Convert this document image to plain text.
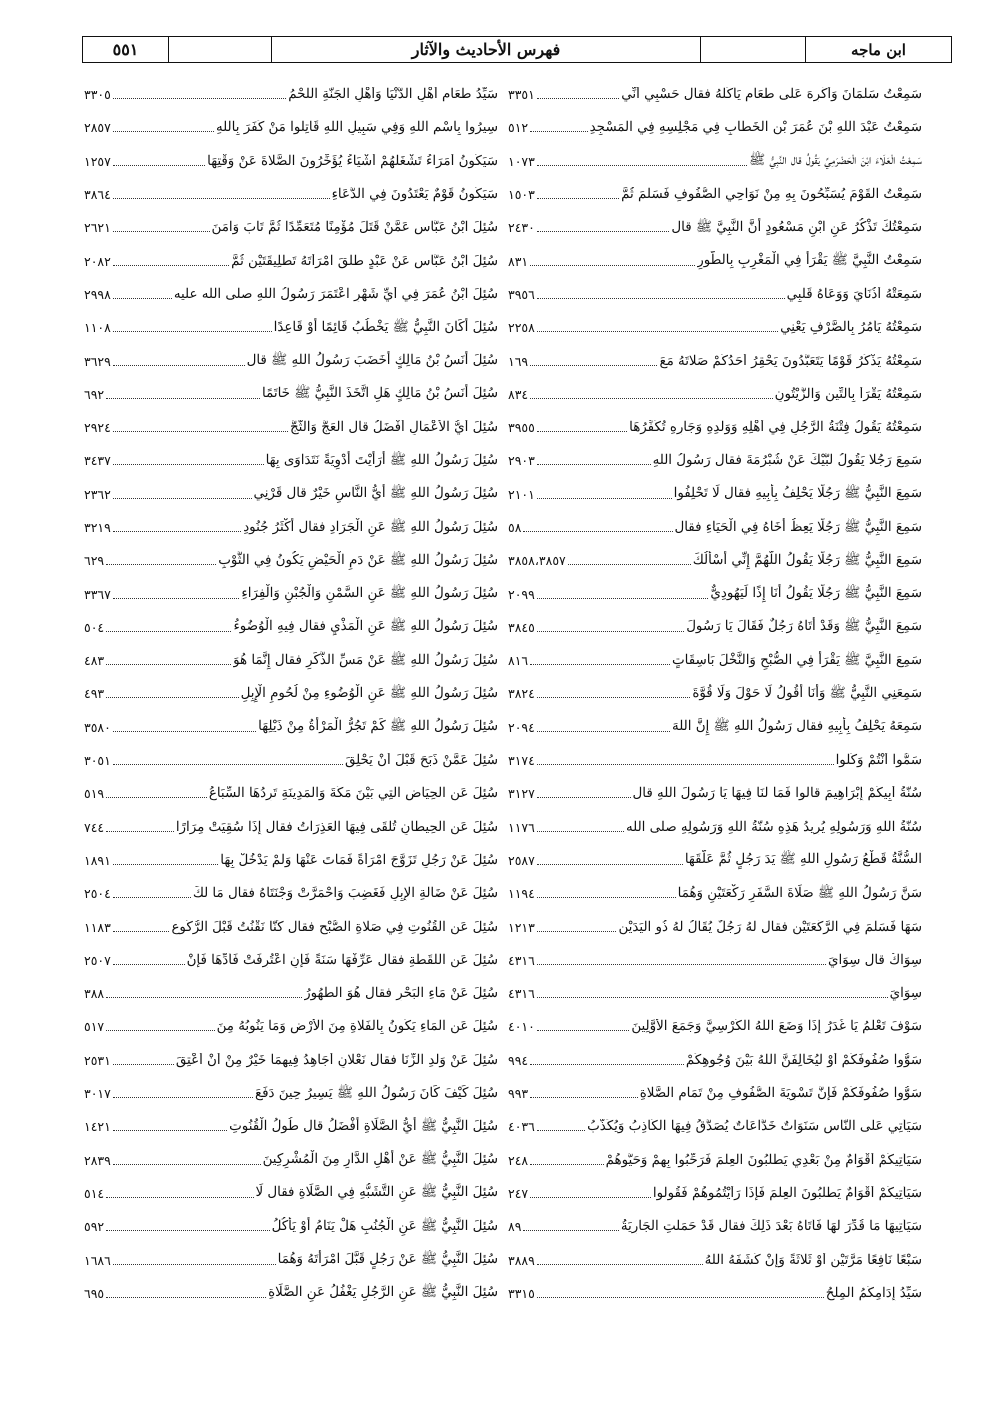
ابن ماجه
فهرس الأحاديث والآثار
٥٥١
سَمِعْتُ سَلْمَانَ وَأُكْرِهَ عَلَى طَعَامٍ يَأْكُلُهُ فقال حَسْبِي أَنِّي
٣٣٥١
سَمِعْتُ عَبْدَ اللهِ بْنَ عُمَرَ بْنِ الْخَطَّابِ فِي مَجْلِسِهِ فِي الْمَسْجِدِ
٥١٢
سَمِعْتُ الْعَلَاءَ ابْنَ الْحَضْرَمِيِّ يَقُولُ قال النَّبِيُّ ﷺ
١٠٧٣
سَمِعْتُ الْقَوْمَ يُسَبِّحُونَ بِهِ مِنْ نَوَاحِي الصُّفُوفِ فَسَلَّمَ ثُمَّ
١٥٠٣
سَمِعْتُكَ تَذْكُرُ عَنِ ابْنِ مَسْعُودٍ أَنَّ النَّبِيَّ ﷺ قال
٢٤٣٠
سَمِعْتُ النَّبِيَّ ﷺ يَقْرَأُ فِي الْمَغْرِبِ بِالطُّورِ
٨٣١
سَمِعَتْهُ أُذُنَايَ وَوَعَاهُ قَلْبِي
٣٩٥٦
سَمِعْتُهُ يَأْمُرُ بِالصَّرْفِ يَعْنِي
٢٢٥٨
سَمِعْتُهُ يَذْكُرُ قَوْمًا يَتَعَبَّدُونَ يَحْقِرُ أَحَدُكُمْ صَلَاتَهُ مَعَ
١٦٩
سَمِعْتُهُ يَقْرَأُ بِالتِّينِ وَالزَّيْتُونِ
٨٣٤
سَمِعْتُهُ يَقُولُ فِتْنَةُ الرَّجُلِ فِي أَهْلِهِ وَوَلَدِهِ وَجَارِهِ تُكَفِّرُهَا
٣٩٥٥
سَمِعَ رَجُلًا يَقُولُ لَبَّيْكَ عَنْ شُبْرُمَةَ فقال رَسُولُ اللهِ
٢٩٠٣
سَمِعَ النَّبِيُّ ﷺ رَجُلًا يَحْلِفُ بِأَبِيهِ فقال لَا تَحْلِفُوا
٢١٠١
سَمِعَ النَّبِيُّ ﷺ رَجُلًا يَعِظُ أَخَاهُ فِي الْحَيَاءِ فقال
٥٨
سَمِعَ النَّبِيُّ ﷺ رَجُلًا يَقُولُ اللَّهُمَّ إِنِّي أَسْأَلُكَ
٣٨٥٨،٣٨٥٧
سَمِعَ النَّبِيُّ ﷺ رَجُلًا يَقُولُ أَنَا إِذًا لَيَهُودِيٌّ
٢٠٩٩
سَمِعَ النَّبِيُّ ﷺ وَقَدْ أَتَاهُ رَجُلٌ فَقَالَ يَا رَسُولَ
٣٨٤٥
سَمِعَ النَّبِيَّ ﷺ يَقْرَأُ فِي الصُّبْحِ وَالنَّخْلَ بَاسِقَاتٍ
٨١٦
سَمِعَنِي النَّبِيُّ ﷺ وَأَنَا أَقُولُ لَا حَوْلَ وَلَا قُوَّةَ
٣٨٢٤
سَمِعَهُ يَحْلِفُ بِأَبِيهِ فقال رَسُولُ اللهِ ﷺ إِنَّ اللهَ
٢٠٩٤
سَمُّوا أَنْتُمْ وَكُلُوا
٣١٧٤
سُنَّةُ أَبِيكُمْ إِبْرَاهِيمَ قالوا فَمَا لَنَا فِيهَا يَا رَسُولَ اللهِ قال
٣١٢٧
سُنَّةُ اللهِ وَرَسُولِهِ يُرِيدُ هَذِهِ سُنَّةُ اللهِ وَرَسُولِهِ صلى الله
١١٧٦
السُّنَّةُ قَطْعُ رَسُولِ اللهِ ﷺ يَدَ رَجُلٍ ثُمَّ عَلَّقَهَا
٢٥٨٧
سَنَّ رَسُولُ اللهِ ﷺ صَلَاةَ السَّفَرِ رَكْعَتَيْنِ وَهُمَا
١١٩٤
سَهَا فَسَلَّمَ فِي الرَّكْعَتَيْنِ فقال لَهُ رَجُلٌ يُقَالُ لَهُ ذُو الْيَدَيْنِ
١٢١٣
سِوَاكٌ قال سِوَايَ
٤٣١٦
سِوَايَ
٤٣١٦
سَوْفَ تَعْلَمُ يَا غُدَرُ إِذَا وَضَعَ اللهُ الْكُرْسِيَّ وَجَمَعَ الْأَوَّلِينَ
٤٠١٠
سَوُّوا صُفُوفَكُمْ أَوْ لَيُخَالِفَنَّ اللهُ بَيْنَ وُجُوهِكُمْ
٩٩٤
سَوُّوا صُفُوفَكُمْ فَإِنَّ تَسْوِيَةَ الصُّفُوفِ مِنْ تَمَامِ الصَّلَاةِ
٩٩٣
سَيَأْتِي عَلَى النَّاسِ سَنَوَاتٌ خَدَّاعَاتٌ يُصَدَّقُ فِيهَا الْكَاذِبُ وَيُكَذَّبُ
٤٠٣٦
سَيَأْتِيكُمْ أَقْوَامٌ مِنْ بَعْدِي يَطْلُبُونَ الْعِلْمَ فَرَحِّبُوا بِهِمْ وَحَيُّوهُمْ
٢٤٨
سَيَأْتِيكُمْ أَقْوَامٌ يَطْلُبُونَ الْعِلْمَ فَإِذَا رَأَيْتُمُوهُمْ فَقُولُوا
٢٤٧
سَيَأْتِيهَا مَا قُدِّرَ لَهَا فَأَتَاهُ بَعْدَ ذَلِكَ فقال قَدْ حَمَلَتِ الْجَارِيَةُ
٨٩
سَبْعًا نَافِعًا مَرَّتَيْنِ أَوْ ثَلَاثَةً وَإِنْ كَشَفَهُ اللهُ
٣٨٨٩
سَيِّدُ إِدَامِكُمُ الْمِلْحُ
٣٣١٥
سَيِّدُ طَعَامِ أَهْلِ الدُّنْيَا وَأَهْلِ الْجَنَّةِ اللَّحْمُ
٣٣٠٥
سِيرُوا بِاسْمِ اللهِ وَفِي سَبِيلِ اللهِ قَاتِلُوا مَنْ كَفَرَ بِاللهِ
٢٨٥٧
سَيَكُونُ أُمَرَاءُ تَشْغَلُهُمْ أَشْيَاءُ يُؤَخِّرُونَ الصَّلَاةَ عَنْ وَقْتِهَا
١٢٥٧
سَيَكُونُ قَوْمٌ يَعْتَدُونَ فِي الدُّعَاءِ
٣٨٦٤
سُئِلَ ابْنُ عَبَّاسٍ عَمَّنْ قَتَلَ مُؤْمِنًا مُتَعَمِّدًا ثُمَّ تَابَ وَآمَنَ
٢٦٢١
سُئِلَ ابْنُ عَبَّاسٍ عَنْ عَبْدٍ طَلَّقَ امْرَأَتَهُ تَطْلِيقَتَيْنِ ثُمَّ
٢٠٨٢
سُئِلَ ابْنُ عُمَرَ فِي أَيِّ شَهْرٍ اعْتَمَرَ رَسُولُ اللهِ صلى الله عليه
٢٩٩٨
سُئِلَ أَكَانَ النَّبِيُّ ﷺ يَخْطُبُ قَائِمًا أَوْ قَاعِدًا
١١٠٨
سُئِلَ أَنَسُ بْنُ مَالِكٍ أَخَضَبَ رَسُولُ اللهِ ﷺ قال
٣٦٢٩
سُئِلَ أَنَسُ بْنُ مَالِكٍ هَلِ اتَّخَذَ النَّبِيُّ ﷺ خَاتَمًا
٦٩٢
سُئِلَ أَيُّ الْأَعْمَالِ أَفْضَلُ قال الْعَجُّ وَالثَّجُّ
٢٩٢٤
سُئِلَ رَسُولُ اللهِ ﷺ أَرَأَيْتَ أَدْوِيَةً نَتَدَاوَى بِهَا
٣٤٣٧
سُئِلَ رَسُولُ اللهِ ﷺ أَيُّ النَّاسِ خَيْرٌ قال قَرْنِي
٢٣٦٢
سُئِلَ رَسُولُ اللهِ ﷺ عَنِ الْجَرَادِ فقال أَكْثَرُ جُنُودِ
٣٢١٩
سُئِلَ رَسُولُ اللهِ ﷺ عَنْ دَمِ الْحَيْضِ يَكُونُ فِي الثَّوْبِ
٦٢٩
سُئِلَ رَسُولُ اللهِ ﷺ عَنِ السَّمْنِ وَالْجُبْنِ وَالْفِرَاءِ
٣٣٦٧
سُئِلَ رَسُولُ اللهِ ﷺ عَنِ الْمَذْيِ فقال فِيهِ الْوُضُوءُ
٥٠٤
سُئِلَ رَسُولُ اللهِ ﷺ عَنْ مَسِّ الذَّكَرِ فقال إِنَّمَا هُوَ
٤٨٣
سُئِلَ رَسُولُ اللهِ ﷺ عَنِ الْوُضُوءِ مِنْ لُحُومِ الْإِبِلِ
٤٩٣
سُئِلَ رَسُولُ اللهِ ﷺ كَمْ تَجُرُّ الْمَرْأَةُ مِنْ ذَيْلِهَا
٣٥٨٠
سُئِلَ عَمَّنْ ذَبَحَ قَبْلَ أَنْ يَحْلِقَ
٣٠٥١
سُئِلَ عَنِ الْحِيَاضِ الَّتِي بَيْنَ مَكَّةَ وَالْمَدِينَةِ تَرِدُهَا السِّبَاعُ
٥١٩
سُئِلَ عَنِ الْحِيطَانِ تُلْقَى فِيهَا الْعَذِرَاتُ فقال إِذَا سُقِيَتْ مِرَارًا
٧٤٤
سُئِلَ عَنْ رَجُلٍ تَزَوَّجَ امْرَأَةً فَمَاتَ عَنْهَا وَلَمْ يَدْخُلْ بِهَا
١٨٩١
سُئِلَ عَنْ ضَالَّةِ الْإِبِلِ فَغَضِبَ وَاحْمَرَّتْ وَجْنَتَاهُ فقال مَا لَكَ
٢٥٠٤
سُئِلَ عَنِ الْقُنُوتِ فِي صَلَاةِ الصُّبْحِ فقال كُنَّا نَقْنُتُ قَبْلَ الرُّكُوعِ
١١٨٣
سُئِلَ عَنِ اللُّقَطَةِ فقال عَرِّفْهَا سَنَةً فَإِنِ اعْتُرِفَتْ فَأَدِّهَا فَإِنْ
٢٥٠٧
سُئِلَ عَنْ مَاءِ الْبَحْرِ فقال هُوَ الطَّهُورُ
٣٨٨
سُئِلَ عَنِ الْمَاءِ يَكُونُ بِالْفَلَاةِ مِنَ الْأَرْضِ وَمَا يَنُوبُهُ مِنَ
٥١٧
سُئِلَ عَنْ وَلَدِ الزِّنَا فقال نَعْلَانِ أُجَاهِدُ فِيهِمَا خَيْرٌ مِنْ أَنْ أُعْتِقَ
٢٥٣١
سُئِلَ كَيْفَ كَانَ رَسُولُ اللهِ ﷺ يَسِيرُ حِينَ دَفَعَ
٣٠١٧
سُئِلَ النَّبِيُّ ﷺ أَيُّ الصَّلَاةِ أَفْضَلُ قال طُولُ الْقُنُوتِ
١٤٢١
سُئِلَ النَّبِيُّ ﷺ عَنْ أَهْلِ الدَّارِ مِنَ الْمُشْرِكِينَ
٢٨٣٩
سُئِلَ النَّبِيُّ ﷺ عَنِ التَّشَبُّهِ فِي الصَّلَاةِ فقال لَا
٥١٤
سُئِلَ النَّبِيُّ ﷺ عَنِ الْجُنُبِ هَلْ يَنَامُ أَوْ يَأْكُلُ
٥٩٢
سُئِلَ النَّبِيُّ ﷺ عَنْ رَجُلٍ قَبَّلَ امْرَأَتَهُ وَهُمَا
١٦٨٦
سُئِلَ النَّبِيُّ ﷺ عَنِ الرَّجُلِ يَغْفُلُ عَنِ الصَّلَاةِ
٦٩٥
